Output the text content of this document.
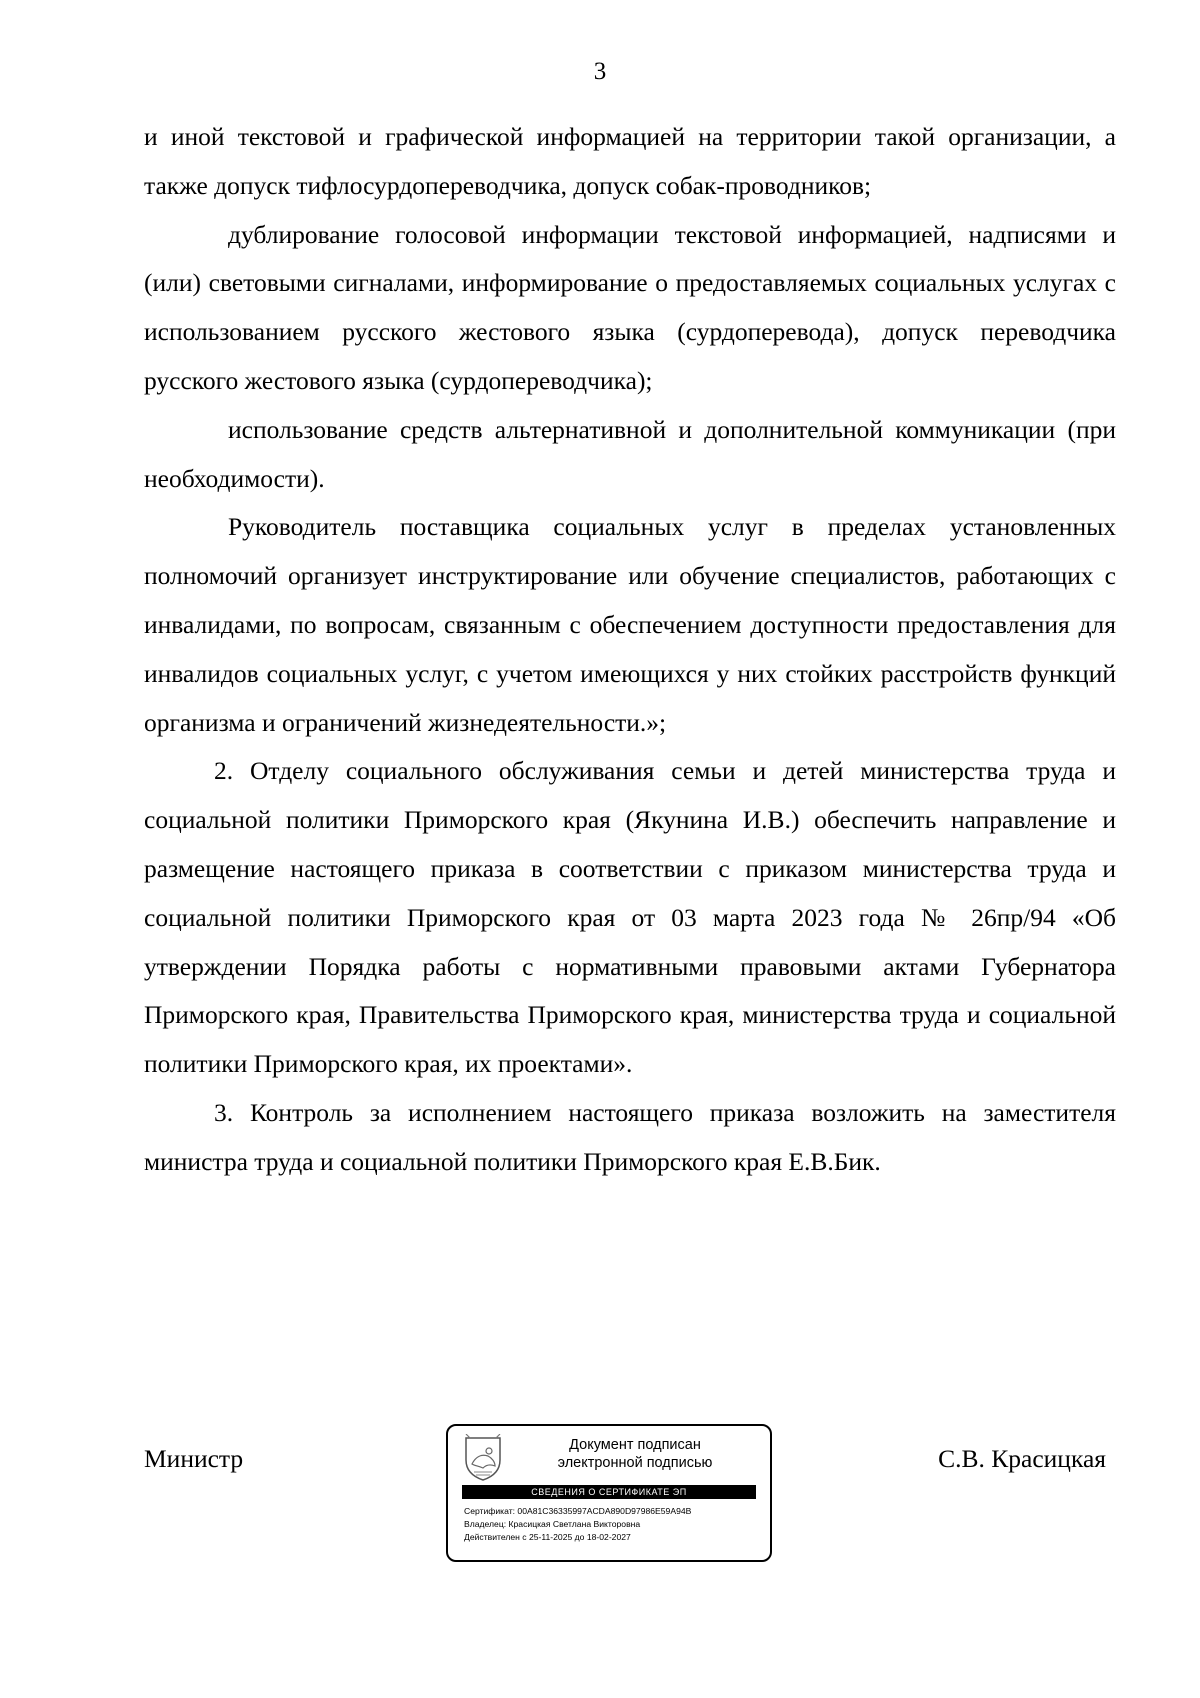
3

и иной текстовой и графической информацией на территории такой организации, а также допуск тифлосурдопереводчика, допуск собак-проводников;

дублирование голосовой информации текстовой информацией, надписями и (или) световыми сигналами, информирование о предоставляемых социальных услугах с использованием русского жестового языка (сурдоперевода), допуск переводчика русского жестового языка (сурдопереводчика);

использование средств альтернативной и дополнительной коммуникации (при необходимости).

Руководитель поставщика социальных услуг в пределах установленных полномочий организует инструктирование или обучение специалистов, работающих с инвалидами, по вопросам, связанным с обеспечением доступности предоставления для инвалидов социальных услуг, с учетом имеющихся у них стойких расстройств функций организма и ограничений жизнедеятельности.»;

2. Отделу социального обслуживания семьи и детей министерства труда и социальной политики Приморского края (Якунина И.В.) обеспечить направление и размещение настоящего приказа в соответствии с приказом министерства труда и социальной политики Приморского края от 03 марта 2023 года № 26пр/94 «Об утверждении Порядка работы с нормативными правовыми актами Губернатора Приморского края, Правительства Приморского края, министерства труда и социальной политики Приморского края, их проектами».

3. Контроль за исполнением настоящего приказа возложить на заместителя министра труда и социальной политики Приморского края Е.В.Бик.

Министр	Документ подписан
электронной подписью
СВЕДЕНИЯ О СЕРТИФИКАТЕ ЭП
Сертификат: 00A81C36335997ACDA890D97986E59A94B
Владелец: Красицкая Светлана Викторовна
Действителен с 25-11-2025 до 18-02-2027
С.В. Красицкая
